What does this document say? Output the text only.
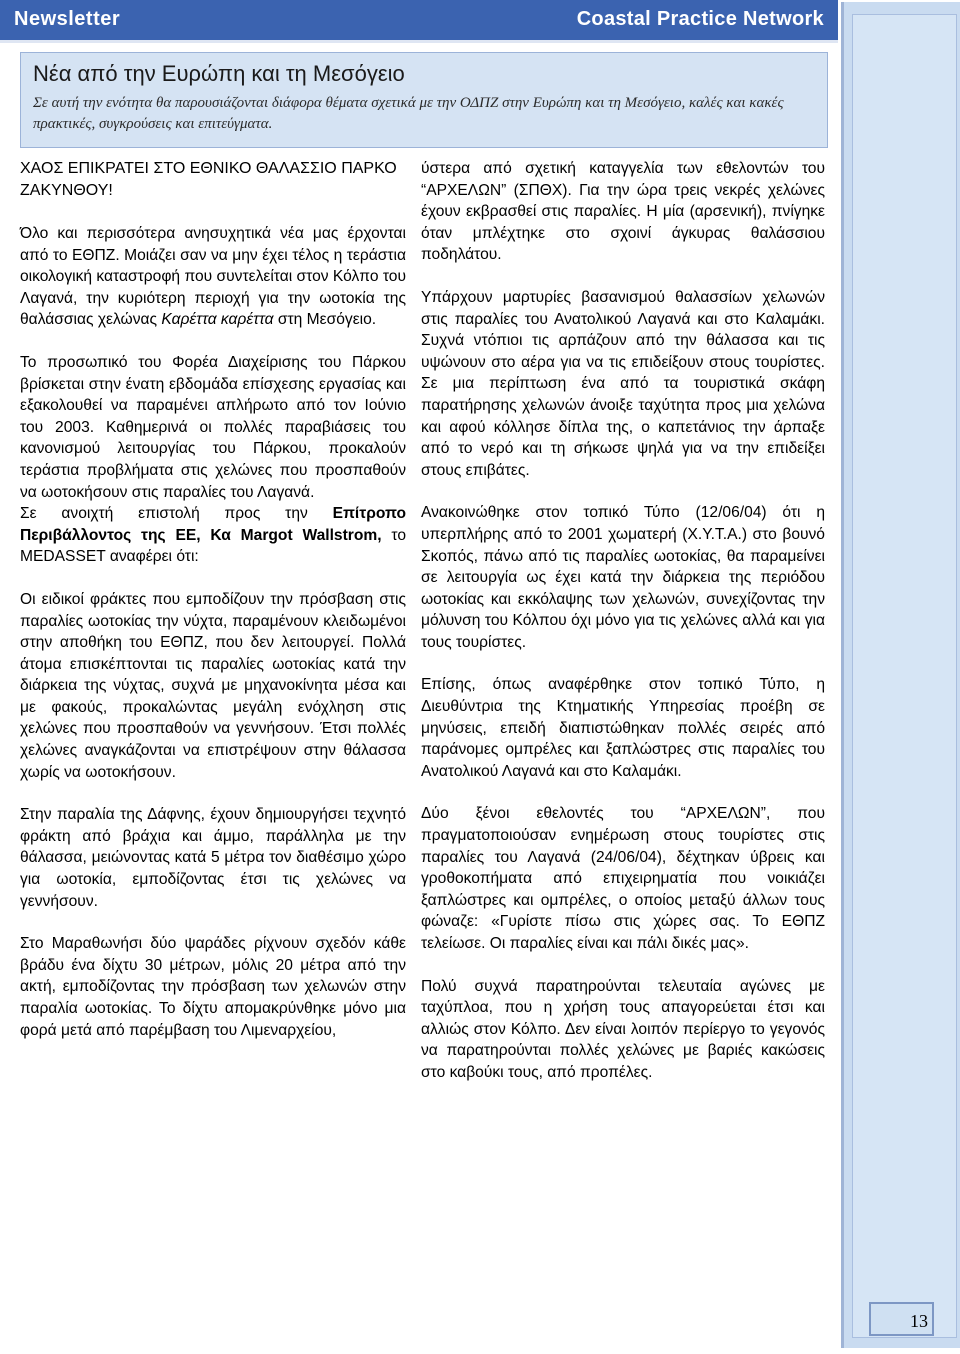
Newsletter	Coastal Practice Network
13
Νέα από την Ευρώπη και τη Μεσόγειο
Σε αυτή την ενότητα θα παρουσιάζονται διάφορα θέματα σχετικά με την ΟΔΠΖ στην Ευρώπη και τη Μεσόγειο, καλές και κακές πρακτικές, συγκρούσεις και επιτεύγματα.

ΧΑΟΣ ΕΠΙΚΡΑΤΕΙ ΣΤΟ ΕΘΝΙΚΟ ΘΑΛΑΣΣΙΟ ΠΑΡΚΟ ΖΑΚΥΝΘΟΥ!

Όλο και περισσότερα ανησυχητικά νέα μας έρχονται από το ΕΘΠΖ. Μοιάζει σαν να μην έχει τέλος η τεράστια οικολογική καταστροφή που συντελείται στον Κόλπο του Λαγανά, την κυριότερη περιοχή για την ωοτοκία της θαλάσσιας χελώνας Καρέττα καρέττα στη Μεσόγειο.

Το προσωπικό του Φορέα Διαχείρισης του Πάρκου βρίσκεται στην ένατη εβδομάδα επίσχεσης εργασίας και εξακολουθεί να παραμένει απλήρωτο από τον Ιούνιο του 2003. Καθημερινά οι πολλές παραβιάσεις του κανονισμού λειτουργίας του Πάρκου, προκαλούν τεράστια προβλήματα στις χελώνες που προσπαθούν να ωοτοκήσουν στις παραλίες του Λαγανά.

Σε ανοιχτή επιστολή προς την Επίτροπο Περιβάλλοντος της ΕΕ, Κα Margot Wallstrom, το MEDASSET αναφέρει ότι:

Οι ειδικοί φράκτες που εμποδίζουν την πρόσβαση στις παραλίες ωοτοκίας την νύχτα, παραμένουν κλειδωμένοι στην αποθήκη του ΕΘΠΖ, που δεν λειτουργεί. Πολλά άτομα επισκέπτονται τις παραλίες ωοτοκίας κατά την διάρκεια της νύχτας, συχνά με μηχανοκίνητα μέσα και με φακούς, προκαλώντας μεγάλη ενόχληση στις χελώνες που προσπαθούν να γεννήσουν. Έτσι πολλές χελώνες αναγκάζονται να επιστρέψουν στην θάλασσα χωρίς να ωοτοκήσουν.

Στην παραλία της Δάφνης, έχουν δημιουργήσει τεχνητό φράκτη από βράχια και άμμο, παράλληλα με την θάλασσα, μειώνοντας κατά 5 μέτρα τον διαθέσιμο χώρο για ωοτοκία, εμποδίζοντας έτσι τις χελώνες να γεννήσουν.

Στο Μαραθωνήσι δύο ψαράδες ρίχνουν σχεδόν κάθε βράδυ ένα δίχτυ 30 μέτρων, μόλις 20 μέτρα από την ακτή, εμποδίζοντας την πρόσβαση των χελωνών στην παραλία ωοτοκίας. Το δίχτυ απομακρύνθηκε μόνο μια φορά μετά από παρέμβαση του Λιμεναρχείου,

ύστερα από σχετική καταγγελία των εθελοντών του “ΑΡΧΕΛΩΝ” (ΣΠΘΧ). Για την ώρα τρεις νεκρές χελώνες έχουν εκβρασθεί στις παραλίες. Η μία (αρσενική), πνίγηκε όταν μπλέχτηκε στο σχοινί άγκυρας θαλάσσιου ποδηλάτου.

Υπάρχουν μαρτυρίες βασανισμού θαλασσίων χελωνών στις παραλίες του Ανατολικού Λαγανά και στο Καλαμάκι. Συχνά ντόπιοι τις αρπάζουν από την θάλασσα και τις υψώνουν στο αέρα για να τις επιδείξουν στους τουρίστες. Σε μια περίπτωση ένα από τα τουριστικά σκάφη παρατήρησης χελωνών άνοιξε ταχύτητα προς μια χελώνα και αφού κόλλησε δίπλα της, ο καπετάνιος την άρπαξε από το νερό και τη σήκωσε ψηλά για να την επιδείξει στους επιβάτες.

Ανακοινώθηκε στον τοπικό Τύπο (12/06/04) ότι η υπερπλήρης από το 2001 χωματερή (Χ.Υ.Τ.Α.) στο βουνό Σκοπός, πάνω από τις παραλίες ωοτοκίας, θα παραμείνει σε λειτουργία ως έχει κατά την διάρκεια της περιόδου ωοτοκίας και εκκόλαψης των χελωνών, συνεχίζοντας την μόλυνση του Κόλπου όχι μόνο για τις χελώνες αλλά και για τους τουρίστες.

Επίσης, όπως αναφέρθηκε στον τοπικό Τύπο, η Διευθύντρια της Κτηματικής Υπηρεσίας προέβη σε μηνύσεις, επειδή διαπιστώθηκαν πολλές σειρές από παράνομες ομπρέλες και ξαπλώστρες στις παραλίες του Ανατολικού Λαγανά και στο Καλαμάκι.

Δύο ξένοι εθελοντές του “ΑΡΧΕΛΩΝ”, που πραγματοποιούσαν ενημέρωση στους τουρίστες στις παραλίες του Λαγανά (24/06/04), δέχτηκαν ύβρεις και γροθοκοπήματα από επιχειρηματία που νοικιάζει ξαπλώστρες και ομπρέλες, ο οποίος μεταξύ άλλων τους φώναζε: «Γυρίστε πίσω στις χώρες σας. Το ΕΘΠΖ τελείωσε. Οι παραλίες είναι και πάλι δικές μας».

Πολύ συχνά παρατηρούνται τελευταία αγώνες με ταχύπλοα, που η χρήση τους απαγορεύεται έτσι και αλλιώς στον Κόλπο. Δεν είναι λοιπόν περίεργο το γεγονός να παρατηρούνται πολλές χελώνες με βαριές κακώσεις στο καβούκι τους, από προπέλες.
